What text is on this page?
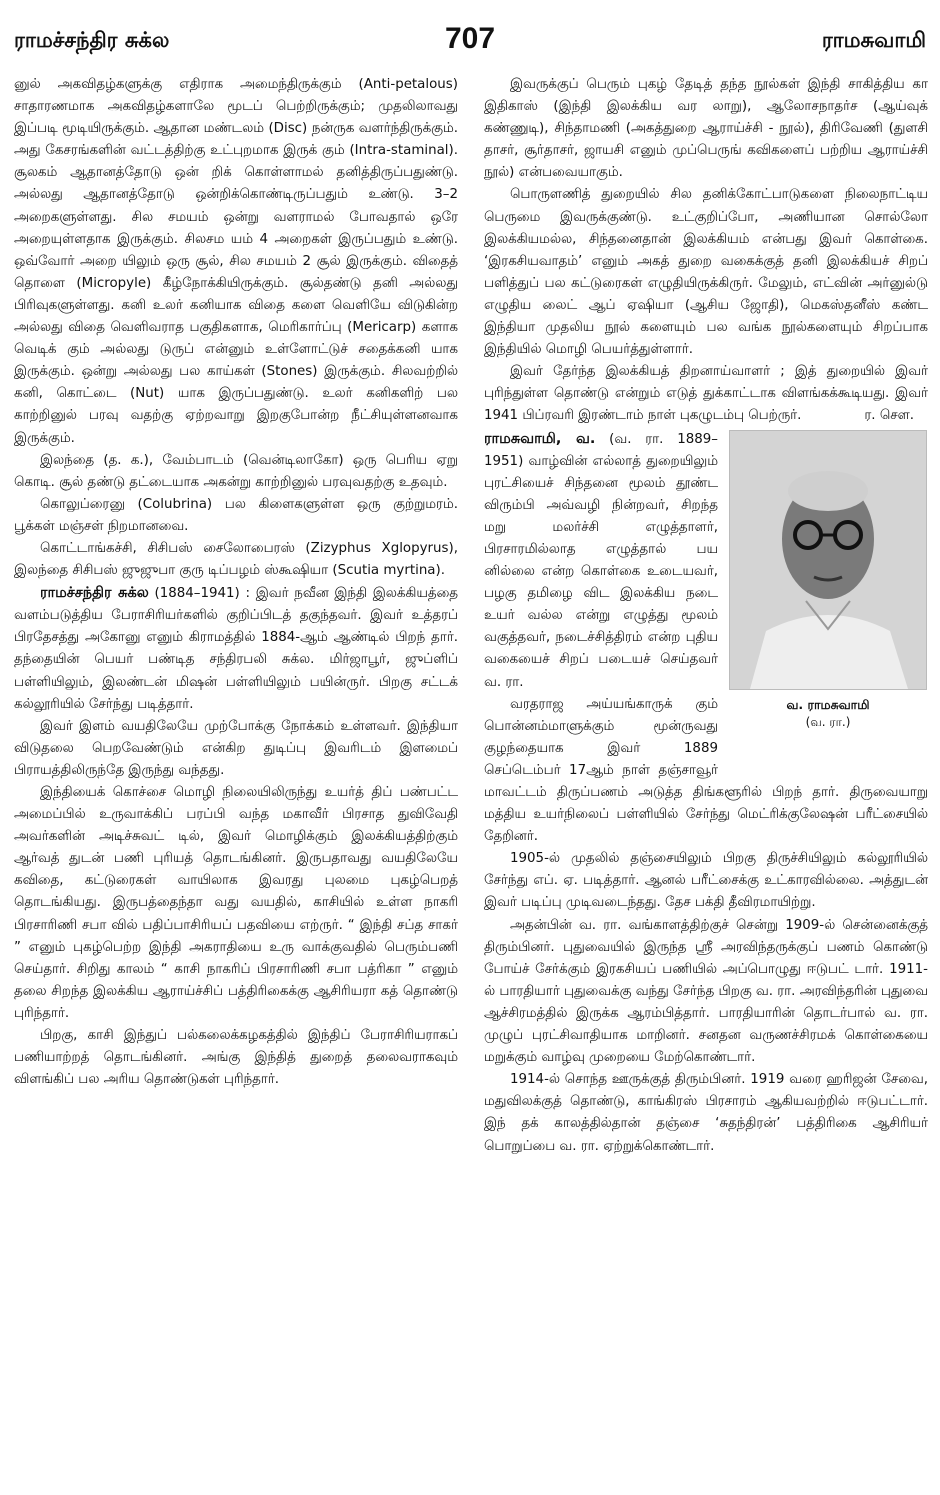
ராமச்சந்திர சுக்ல	707	ராமசுவாமி

னுல் அகவிதழ்களுக்கு எதிராக அமைந்திருக்கும் (Anti-petalous) சாதாரணமாக அகவிதழ்களாலே மூடப் பெற்றிருக்கும்; முதலிலாவது இப்படி மூடியிருக்கும். ஆதான மண்டலம் (Disc) நன்ருக வளர்ந்திருக்கும். அது கேசரங்களின் வட்டத்திற்கு உட்புறமாக இருக் கும் (Intra-staminal). சூலகம் ஆதானத்தோடு ஒன் றிக் கொள்ளாமல் தனித்திருப்பதுண்டு. அல்லது ஆதானத்தோடு ஒன்றிக்கொண்டிருப்பதும் உண்டு. 3–2 அறைகளுள்ளது. சில சமயம் ஒன்று வளராமல் போவதால் ஒரே அறையுள்ளதாக இருக்கும். சிலசம யம் 4 அறைகள் இருப்பதும் உண்டு. ஒவ்வோர் அறை யிலும் ஒரு சூல், சில சமயம் 2 சூல் இருக்கும். விதைத் தொளை (Micropyle) கீழ்நோக்கியிருக்கும். சூல்தண்டு தனி அல்லது பிரிவுகளுள்ளது. கனி உலர் கனியாக விதை களை வெளியே விடுகின்ற அல்லது விதை வெளிவராத பகுதிகளாக, மெரிகார்ப்பு (Mericarp) களாக வெடிக் கும் அல்லது டுருப் என்னும் உள்ளோட்டுச் சதைக்கனி யாக இருக்கும். ஒன்று அல்லது பல காய்கள் (Stones) இருக்கும். சிலவற்றில் கனி, கொட்டை (Nut) யாக இருப்பதுண்டு. உலர் கனிகளிற் பல காற்றினுல் பரவு வதற்கு ஏற்றவாறு இறகுபோன்ற நீட்சியுள்ளனவாக இருக்கும்.

இலந்தை (த. க.), வேம்பாடம் (வென்டிலாகோ) ஒரு பெரிய ஏறு கொடி. சூல் தண்டு தட்டையாக அகன்று காற்றினுல் பரவுவதற்கு உதவும்.

கொலுப்ரைனு (Colubrina) பல கிளைகளுள்ள ஒரு குற்றுமரம். பூக்கள் மஞ்சள் நிறமானவை.

கொட்டாங்கச்சி, சிசிபஸ் சைலோபைரஸ் (Zizyphus Xglopyrus), இலந்தை சிசிபஸ் ஜுஜுபா குரு டிப்பழம் ஸ்கூஷியா (Scutia myrtina).

ராமச்சந்திர சுக்ல (1884–1941) : இவர் நவீன இந்தி இலக்கியத்தை வளம்படுத்திய பேராசிரியர்களில் குறிப்பிடத் தகுந்தவர். இவர் உத்தரப் பிரதேசத்து அகோனு எனும் கிராமத்தில் 1884-ஆம் ஆண்டில் பிறந் தார். தந்தையின் பெயர் பண்டித சந்திரபலி சுக்ல. மிர்ஜாபூர், ஜுப்ளிப் பள்ளியிலும், இலண்டன் மிஷன் பள்ளியிலும் பயின்ருர். பிறகு சட்டக் கல்லூரியில் சேர்ந்து படித்தார்.

இவர் இளம் வயதிலேயே முற்போக்கு நோக்கம் உள்ளவர். இந்தியா விடுதலை பெறவேண்டும் என்கிற துடிப்பு இவரிடம் இளமைப் பிராயத்திலிருந்தே இருந்து வந்தது.

இந்தியைக் கொச்சை மொழி நிலையிலிருந்து உயர்த் திப் பண்பட்ட அமைப்பில் உருவாக்கிப் பரப்பி வந்த மகாவீர் பிரசாத துவிவேதி அவர்களின் அடிச்சுவட் டில், இவர் மொழிக்கும் இலக்கியத்திற்கும் ஆர்வத் துடன் பணி புரியத் தொடங்கினர். இருபதாவது வயதிலேயே கவிதை, கட்டுரைகள் வாயிலாக இவரது புலமை புகழ்பெறத் தொடங்கியது. இருபத்தைந்தா வது வயதில், காசியில் உள்ள நாகரி பிரசாரிணி சபா வில் பதிப்பாசிரியப் பதவியை எற்ருர். “ இந்தி சப்த சாகர் ” எனும் புகழ்பெற்ற இந்தி அகராதியை உரு வாக்குவதில் பெரும்பணி செய்தார். சிறிது காலம் “ காசி நாகரிப் பிரசாரிணி சபா பத்ரிகா ” எனும் தலை சிறந்த இலக்கிய ஆராய்ச்சிப் பத்திரிகைக்கு ஆசிரியரா கத் தொண்டு புரிந்தார்.

பிறகு, காசி இந்துப் பல்கலைக்கழகத்தில் இந்திப் பேராசிரியராகப் பணியாற்றத் தொடங்கினர். அங்கு இந்தித் துறைத் தலைவராகவும் விளங்கிப் பல அரிய தொண்டுகள் புரிந்தார்.

இவருக்குப் பெரும் புகழ் தேடித் தந்த நூல்கள் இந்தி சாகித்திய கா இதிகாஸ் (இந்தி இலக்கிய வர லாறு), ஆலோசநாதர்ச (ஆய்வுக் கண்ணுடி), சிந்தாமணி (அகத்துறை ஆராய்ச்சி - நூல்), திரிவேணி (துளசி தாசர், சூர்தாசர், ஜாயசி எனும் முப்பெருங் கவிகளைப் பற்றிய ஆராய்ச்சி நூல்) என்பவையாகும்.

பொருளணித் துறையில் சில தனிக்கோட்பாடுகளை நிலைநாட்டிய பெருமை இவருக்குண்டு. உட்குறிப்போ, அணியான சொல்லோ இலக்கியமல்ல, சிந்தனைதான் இலக்கியம் என்பது இவர் கொள்கை. ‘இரகசியவாதம்’ எனும் அகத் துறை வகைக்குத் தனி இலக்கியச் சிறப் பளித்துப் பல கட்டுரைகள் எழுதியிருக்கிருர். மேலும், எட்வின் அர்னுல்டு எழுதிய லைட் ஆப் ஏஷியா (ஆசிய ஜோதி), மெகஸ்தனீஸ் கண்ட இந்தியா முதலிய நூல் களையும் பல வங்க நூல்களையும் சிறப்பாக இந்தியில் மொழி பெயர்த்துள்ளார்.

இவர் தேர்ந்த இலக்கியத் திறனாய்வாளர் ; இத் துறையில் இவர் புரிந்துள்ள தொண்டு என்றும் எடுத் துக்காட்டாக விளங்கக்கூடியது. இவர் 1941 பிப்ரவரி இரண்டாம் நாள் புகழுடம்பு பெற்ருர்.	ர. சௌ.

வ. ராமசுவாமி
(வ. ரா.)

ராமசுவாமி, வ. (வ. ரா. 1889–1951) வாழ்வின் எல்லாத் துறையிலும் புரட்சியைச் சிந்தனை மூலம் தூண்ட விரும்பி அவ்வழி நின்றவர், சிறந்த மறு மலர்ச்சி எழுத்தாளர், பிரசாரமில்லாத எழுத்தால் பய னில்லை என்ற கொள்கை உடையவர், பழகு தமிழை விட இலக்கிய நடை உயர் வல்ல என்று எழுத்து மூலம் வகுத்தவர், நடைச்சித்திரம் என்ற புதிய வகையைச் சிறப் படையச் செய்தவர் வ. ரா.

வரதராஜ அய்யங்காருக் கும் பொன்னம்மாளுக்கும் மூன்ருவது குழந்தையாக இவர் 1889 செப்டெம்பர் 17ஆம் நாள் தஞ்சாவூர் மாவட்டம் திருப்பணம் அடுத்த திங்களூரில் பிறந் தார். திருவையாறு மத்திய உயர்நிலைப் பள்ளியில் சேர்ந்து மெட்ரிக்குலேஷன் பரீட்சையில் தேறினர்.

1905-ல் முதலில் தஞ்சையிலும் பிறகு திருச்சியிலும் கல்லூரியில் சேர்ந்து எப். ஏ. படித்தார். ஆனல் பரீட்சைக்கு உட்காரவில்லை. அத்துடன் இவர் படிப்பு முடிவடைந்தது. தேச பக்தி தீவிரமாயிற்று.

அதன்பின் வ. ரா. வங்காளத்திற்குச் சென்று 1909-ல் சென்னைக்குத் திரும்பினர். புதுவையில் இருந்த ஸ்ரீ அரவிந்தருக்குப் பணம் கொண்டு போய்ச் சேர்க்கும் இரகசியப் பணியில் அப்பொழுது ஈடுபட் டார். 1911-ல் பாரதியார் புதுவைக்கு வந்து சேர்ந்த பிறகு வ. ரா. அரவிந்தரின் புதுவை ஆச்சிரமத்தில் இருக்க ஆரம்பித்தார். பாரதியாரின் தொடர்பால் வ. ரா. முழுப் புரட்சிவாதியாக மாறினர். சனதன வருணச்சிரமக் கொள்கையை மறுக்கும் வாழ்வு முறையை மேற்கொண்டார்.

1914-ல் சொந்த ஊருக்குத் திரும்பினர். 1919 வரை ஹரிஜன் சேவை, மதுவிலக்குத் தொண்டு, காங்கிரஸ் பிரசாரம் ஆகியவற்றில் ஈடுபட்டார். இந் தக் காலத்தில்தான் தஞ்சை ‘சுதந்திரன்’ பத்திரிகை ஆசிரியர் பொறுப்பை வ. ரா. ஏற்றுக்கொண்டார்.
